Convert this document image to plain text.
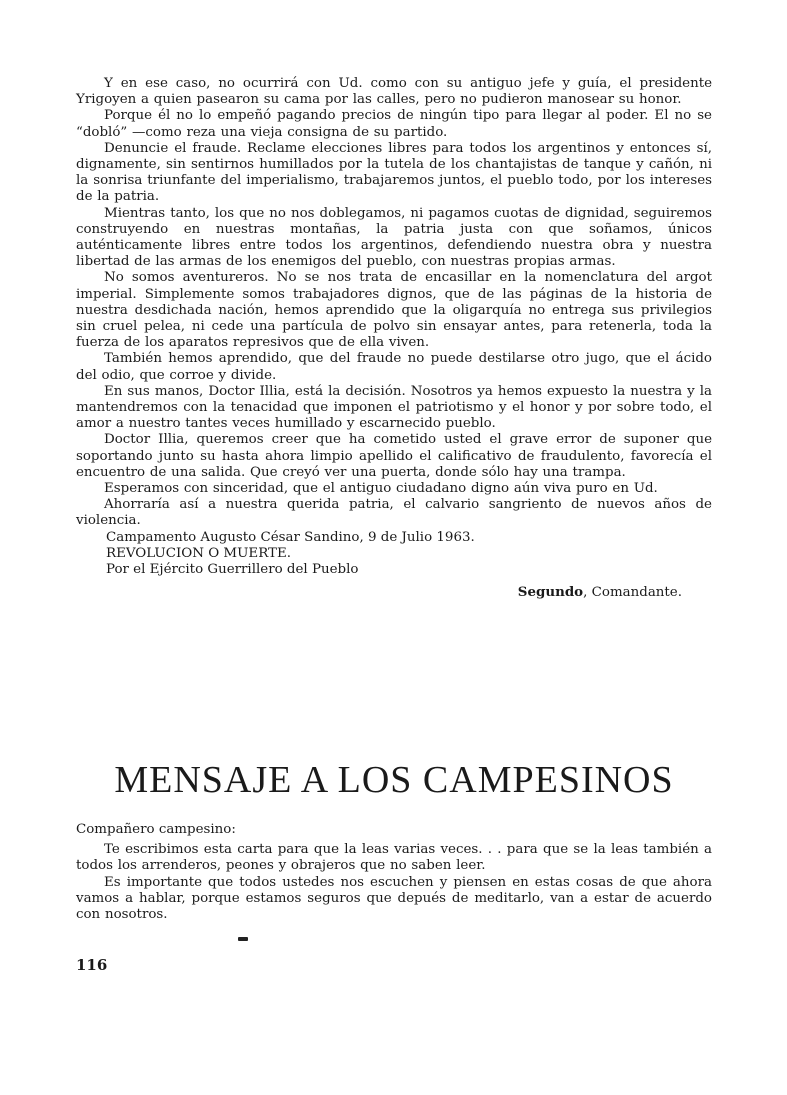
Y en ese caso, no ocurrirá con Ud. como con su antiguo jefe y guía, el presidente Yrigoyen a quien pasearon su cama por las calles, pero no pudieron manosear su honor.

Porque él no lo empeñó pagando precios de ningún tipo para llegar al poder. El no se “dobló” —como reza una vieja consigna de su partido.

Denuncie el fraude. Reclame elecciones libres para todos los argentinos y entonces sí, dignamente, sin sentirnos humillados por la tutela de los chantajistas de tanque y cañón, ni la sonrisa triunfante del imperialismo, trabajaremos juntos, el pueblo todo, por los intereses de la patria.

Mientras tanto, los que no nos doblegamos, ni pagamos cuotas de dignidad, seguiremos construyendo en nuestras montañas, la patria justa con que soñamos, únicos auténticamente libres entre todos los argentinos, defendiendo nuestra obra y nuestra libertad de las armas de los enemigos del pueblo, con nuestras propias armas.

No somos aventureros. No se nos trata de encasillar en la nomenclatura del argot imperial. Simplemente somos trabajadores dignos, que de las páginas de la historia de nuestra desdichada nación, hemos aprendido que la oligarquía no entrega sus privilegios sin cruel pelea, ni cede una partícula de polvo sin ensayar antes, para retenerla, toda la fuerza de los aparatos represivos que de ella viven.

También hemos aprendido, que del fraude no puede destilarse otro jugo, que el ácido del odio, que corroe y divide.

En sus manos, Doctor Illia, está la decisión. Nosotros ya hemos expuesto la nuestra y la mantendremos con la tenacidad que imponen el patriotismo y el honor y por sobre todo, el amor a nuestro tantes veces humillado y escarnecido pueblo.

Doctor Illia, queremos creer que ha cometido usted el grave error de suponer que soportando junto su hasta ahora limpio apellido el calificativo de fraudulento, favorecía el encuentro de una salida. Que creyó ver una puerta, donde sólo hay una trampa.

Esperamos con sinceridad, que el antiguo ciudadano digno aún viva puro en Ud.

Ahorraría así a nuestra querida patria, el calvario sangriento de nuevos años de violencia.

Campamento Augusto César Sandino, 9 de Julio 1963.

REVOLUCION O MUERTE.

Por el Ejército Guerrillero del Pueblo

Segundo, Comandante.

MENSAJE A LOS CAMPESINOS

Compañero campesino:

Te escribimos esta carta para que la leas varias veces. . . para que se la leas también a todos los arrenderos, peones y obrajeros que no saben leer.

Es importante que todos ustedes nos escuchen y piensen en estas cosas de que ahora vamos a hablar, porque estamos seguros que depués de meditarlo, van a estar de acuerdo con nosotros.

116
